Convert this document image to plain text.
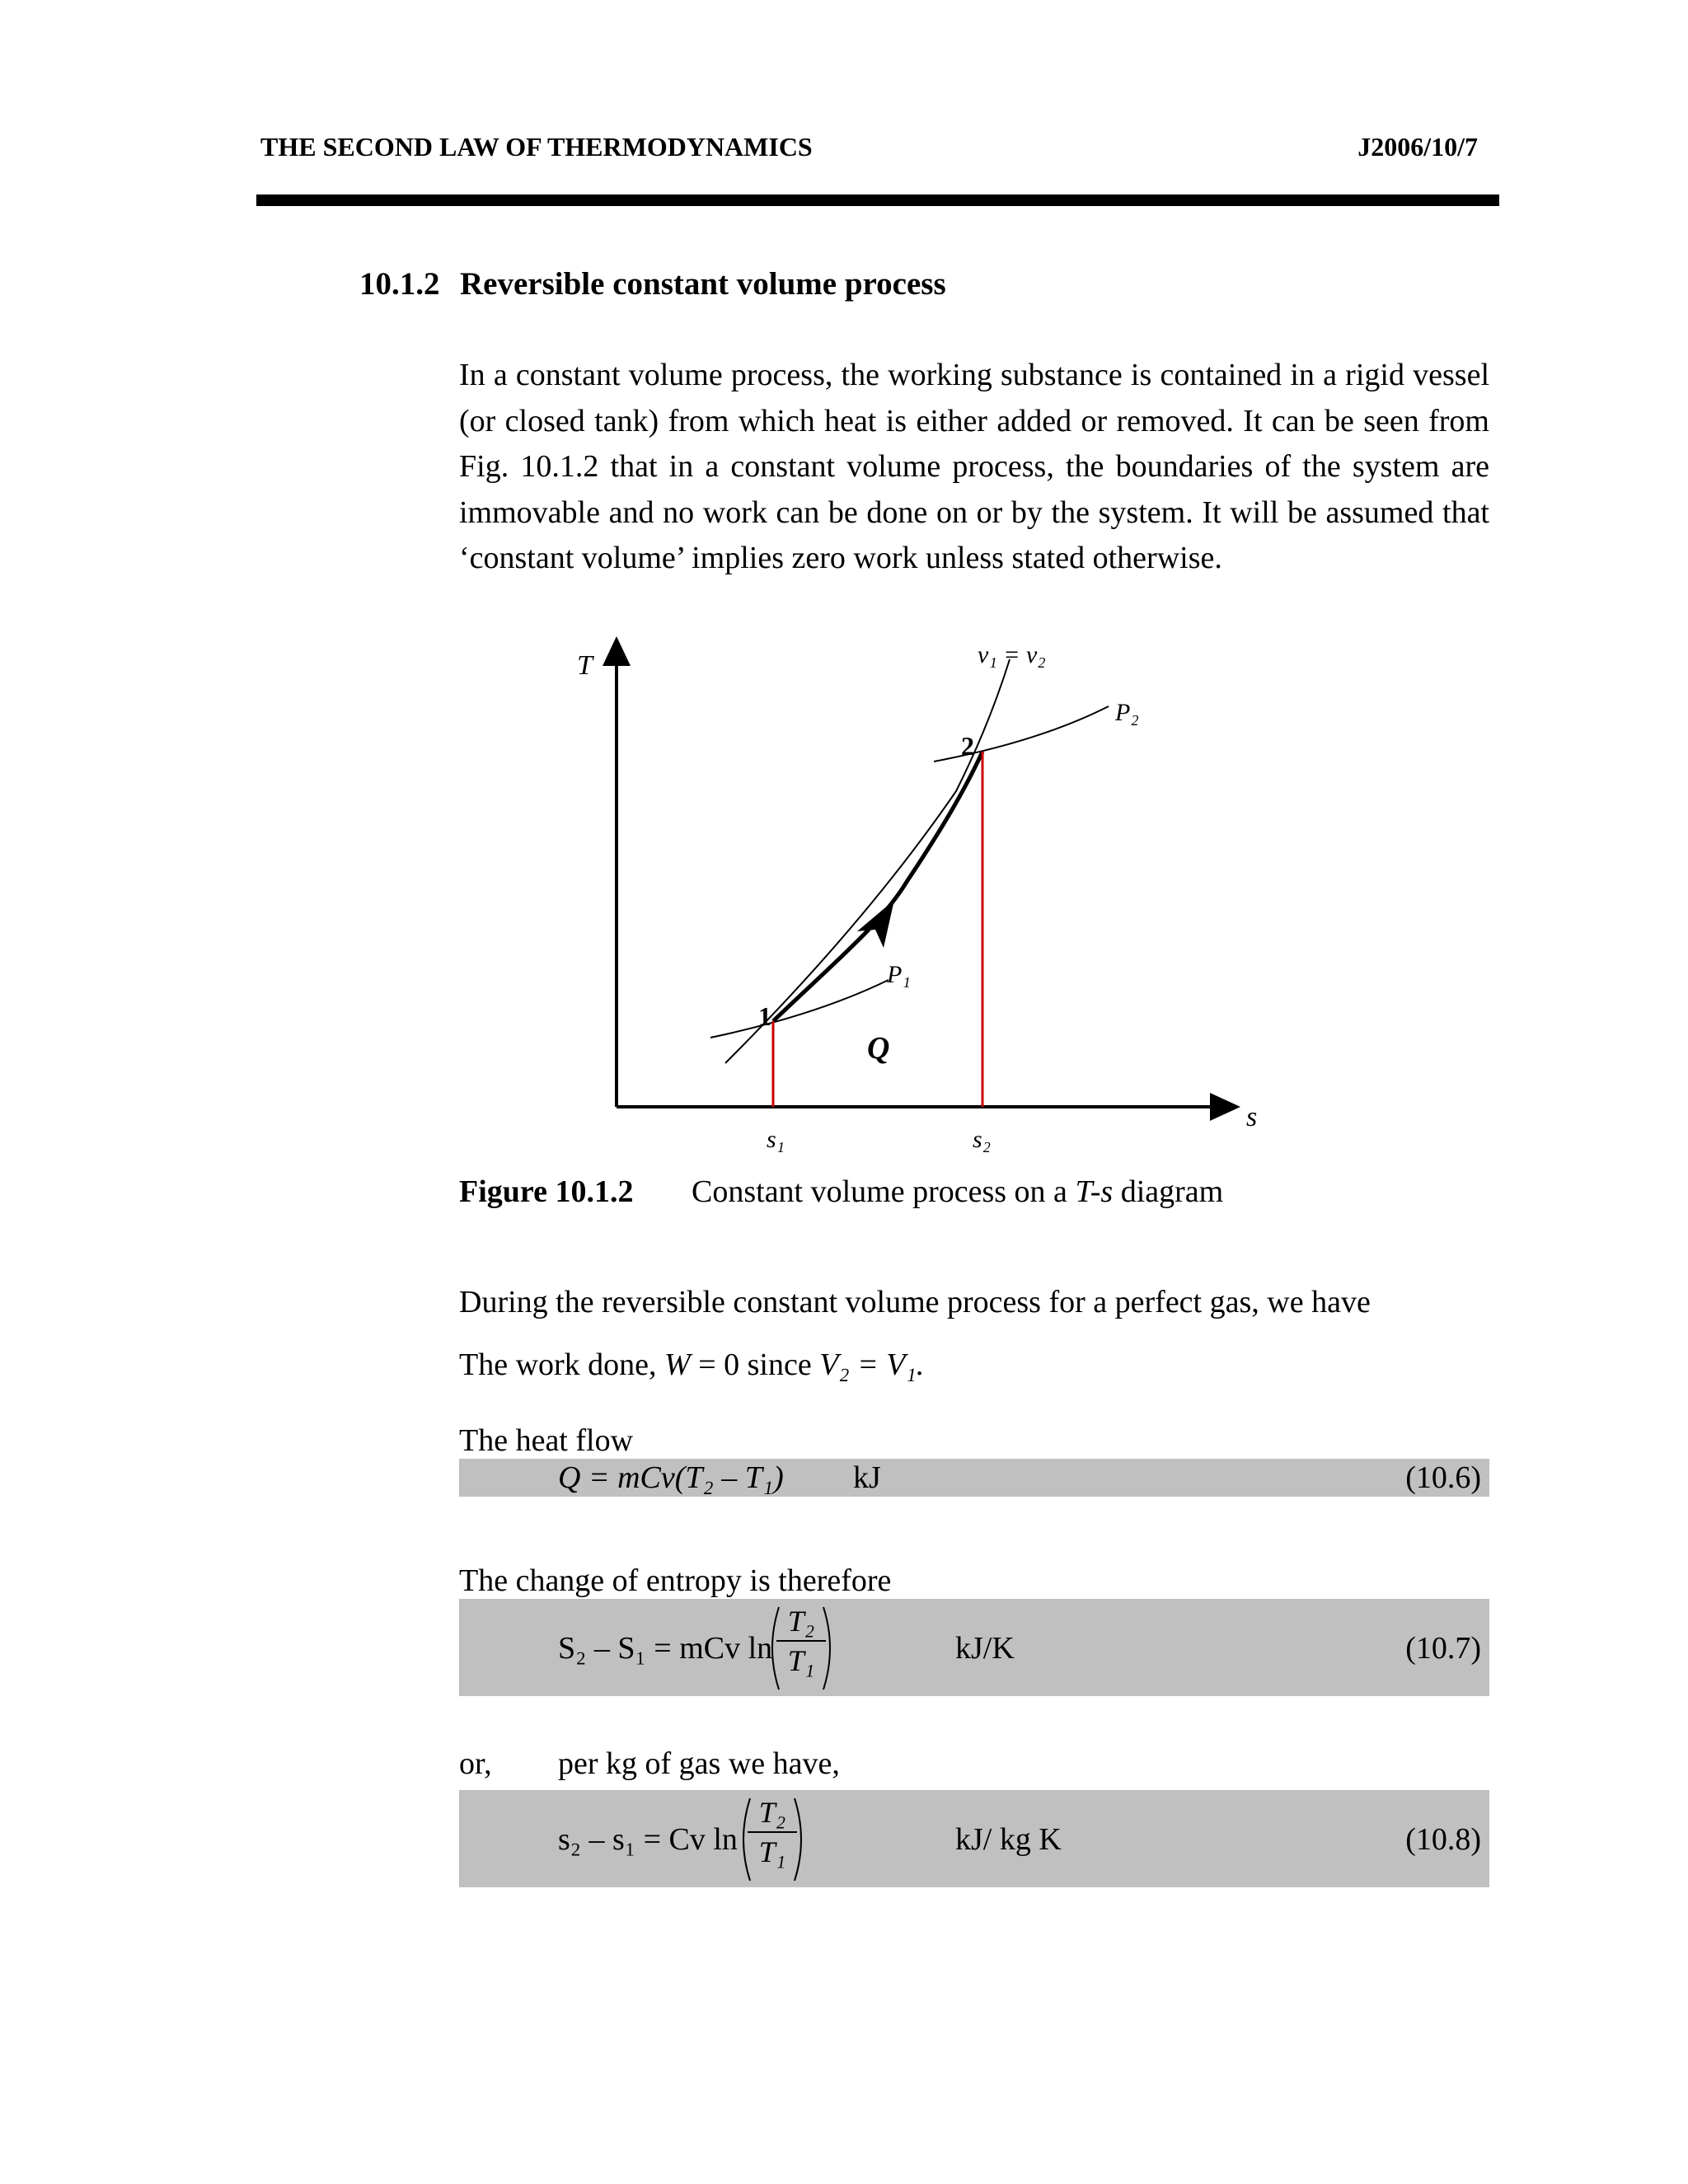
THE SECOND LAW OF THERMODYNAMICS	J2006/10/7
10.1.2 Reversible constant volume process

In a constant volume process, the working substance is contained in a rigid vessel (or closed tank) from which heat is either added or removed. It can be seen from Fig. 10.1.2 that in a constant volume process, the boundaries of the system are immovable and no work can be done on or by the system. It will be assumed that ‘constant volume’ implies zero work unless stated otherwise.

T
s
v₁ = v₂
P₂
P₁
1
2
Q
s₁	s₂
Figure 10.1.2 Constant volume process on a T-s diagram
During the reversible constant volume process for a perfect gas, we have
The work done, W = 0 since V₂ = V₁.
The heat flow
Q = mCv(T₂ – T₁) kJ	(10.6)
The change of entropy is therefore
S₂ – S₁ = mCv ln
T₂
T₁	kJ/K	(10.7)
or, per kg of gas we have,
s₂ – s₁ = Cv ln
T₂
T₁	kJ/ kg K	(10.8)
